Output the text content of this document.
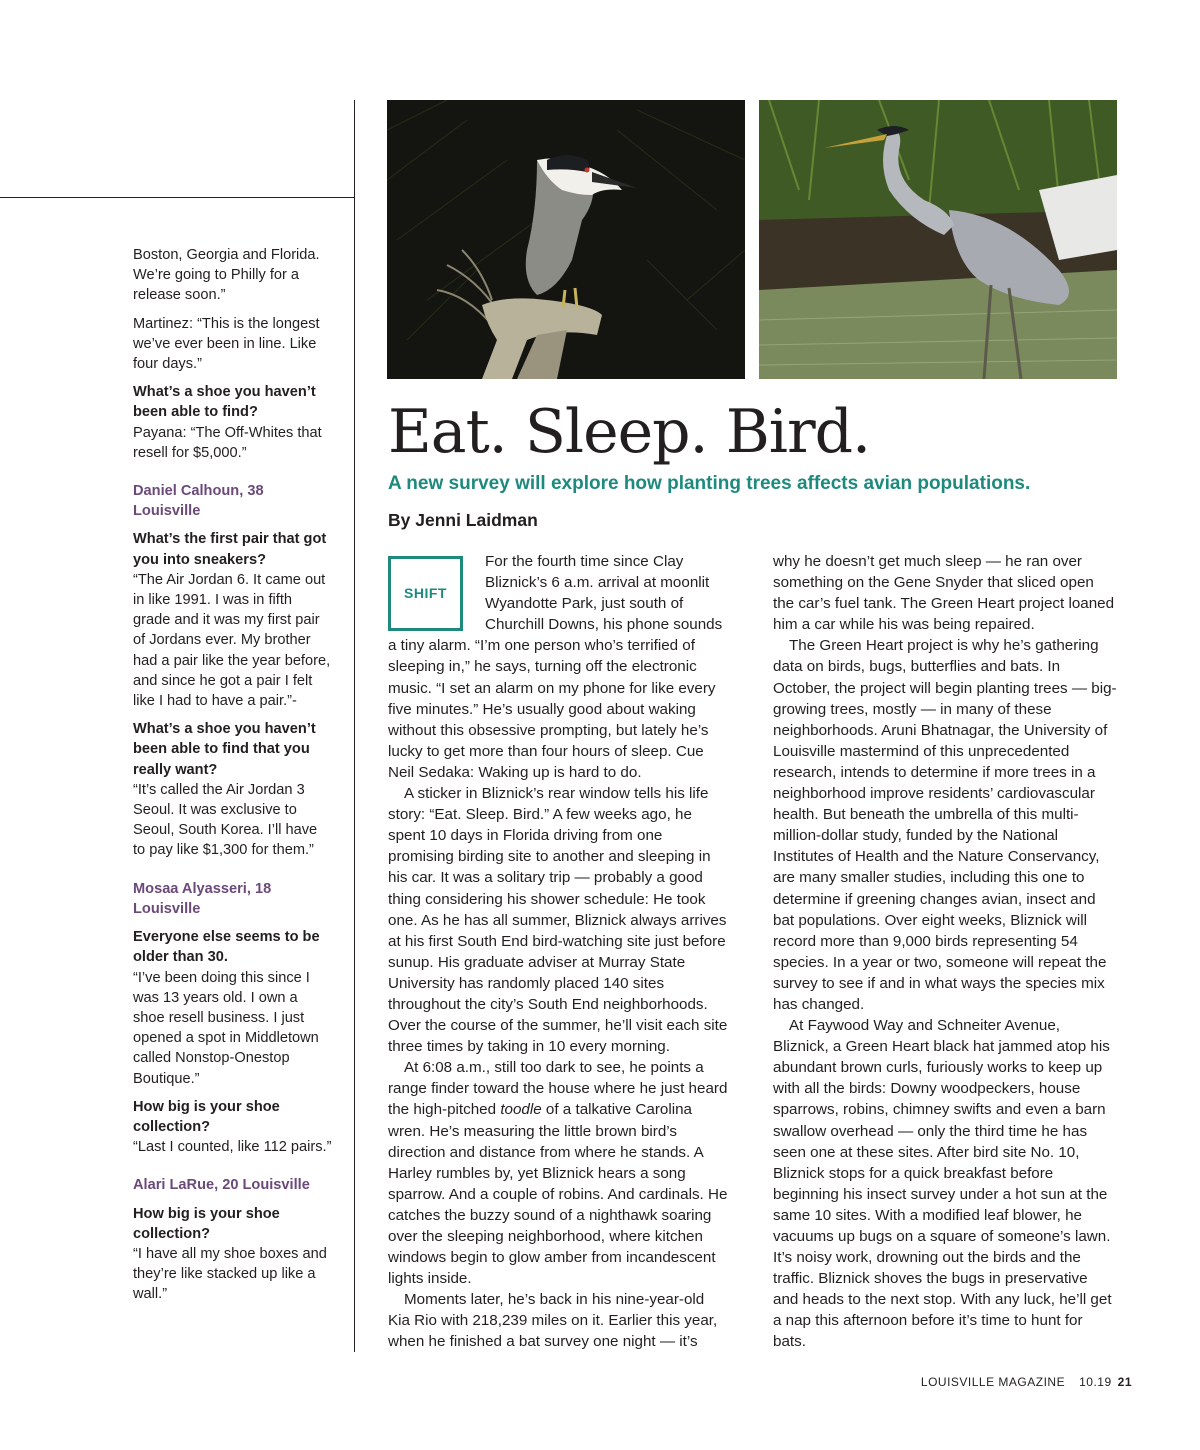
Boston, Georgia and Florida. We’re going to Philly for a release soon.”

Martinez: “This is the longest we’ve ever been in line. Like four days.”

What’s a shoe you haven’t been able to find?
Payana: “The Off-Whites that resell for $5,000.”

Daniel Calhoun, 38 Louisville

What’s the first pair that got you into sneakers?
“The Air Jordan 6. It came out in like 1991. I was in fifth grade and it was my first pair of Jordans ever. My brother had a pair like the year before, and since he got a pair I felt like I had to have a pair.”-

What’s a shoe you haven’t been able to find that you really want?
“It’s called the Air Jordan 3 Seoul. It was exclusive to Seoul, South Korea. I’ll have to pay like $1,300 for them.”

Mosaa Alyasseri, 18 Louisville

Everyone else seems to be older than 30.
“I’ve been doing this since I was 13 years old. I own a shoe resell business. I just opened a spot in Middletown called Nonstop-Onestop Boutique.”

How big is your shoe collection?
“Last I counted, like 112 pairs.”

Alari LaRue, 20 Louisville

How big is your shoe collection?
“I have all my shoe boxes and they’re like stacked up like a wall.”

Eat. Sleep. Bird.

A new survey will explore how planting trees affects avian populations.

By Jenni Laidman

SHIFT

For the fourth time since Clay Bliznick’s 6 a.m. arrival at moonlit Wyandotte Park, just south of Churchill Downs, his phone sounds a tiny alarm. “I’m one person who’s terrified of sleeping in,” he says, turning off the electronic music. “I set an alarm on my phone for like every five minutes.” He’s usually good about waking without this obsessive prompting, but lately he’s lucky to get more than four hours of sleep. Cue Neil Sedaka: Waking up is hard to do.

A sticker in Bliznick’s rear window tells his life story: “Eat. Sleep. Bird.” A few weeks ago, he spent 10 days in Florida driving from one promising birding site to another and sleeping in his car. It was a solitary trip — probably a good thing considering his shower schedule: He took one. As he has all summer, Bliznick always arrives at his first South End bird-watching site just before sunup. His graduate adviser at Murray State University has randomly placed 140 sites throughout the city’s South End neighborhoods. Over the course of the summer, he’ll visit each site three times by taking in 10 every morning.

At 6:08 a.m., still too dark to see, he points a range finder toward the house where he just heard the high-pitched toodle of a talkative Carolina wren. He’s measuring the little brown bird’s direction and distance from where he stands. A Harley rumbles by, yet Bliznick hears a song sparrow. And a couple of robins. And cardinals. He catches the buzzy sound of a nighthawk soaring over the sleeping neighborhood, where kitchen windows begin to glow amber from incandescent lights inside.

Moments later, he’s back in his nine-year-old Kia Rio with 218,239 miles on it. Earlier this year, when he finished a bat survey one night — it’s

why he doesn’t get much sleep — he ran over something on the Gene Snyder that sliced open the car’s fuel tank. The Green Heart project loaned him a car while his was being repaired.

The Green Heart project is why he’s gathering data on birds, bugs, butterflies and bats. In October, the project will begin planting trees — big-growing trees, mostly — in many of these neighborhoods. Aruni Bhatnagar, the University of Louisville mastermind of this unprecedented research, intends to determine if more trees in a neighborhood improve residents’ cardiovascular health. But beneath the umbrella of this multi-million-dollar study, funded by the National Institutes of Health and the Nature Conservancy, are many smaller studies, including this one to determine if greening changes avian, insect and bat populations. Over eight weeks, Bliznick will record more than 9,000 birds representing 54 species. In a year or two, someone will repeat the survey to see if and in what ways the species mix has changed.

At Faywood Way and Schneiter Avenue, Bliznick, a Green Heart black hat jammed atop his abundant brown curls, furiously works to keep up with all the birds: Downy woodpeckers, house sparrows, robins, chimney swifts and even a barn swallow overhead — only the third time he has seen one at these sites. After bird site No. 10, Bliznick stops for a quick breakfast before beginning his insect survey under a hot sun at the same 10 sites. With a modified leaf blower, he vacuums up bugs on a square of someone’s lawn. It’s noisy work, drowning out the birds and the traffic. Bliznick shoves the bugs in preservative and heads to the next stop. With any luck, he’ll get a nap this afternoon before it’s time to hunt for bats.

LOUISVILLE MAGAZINE 10.19 21
